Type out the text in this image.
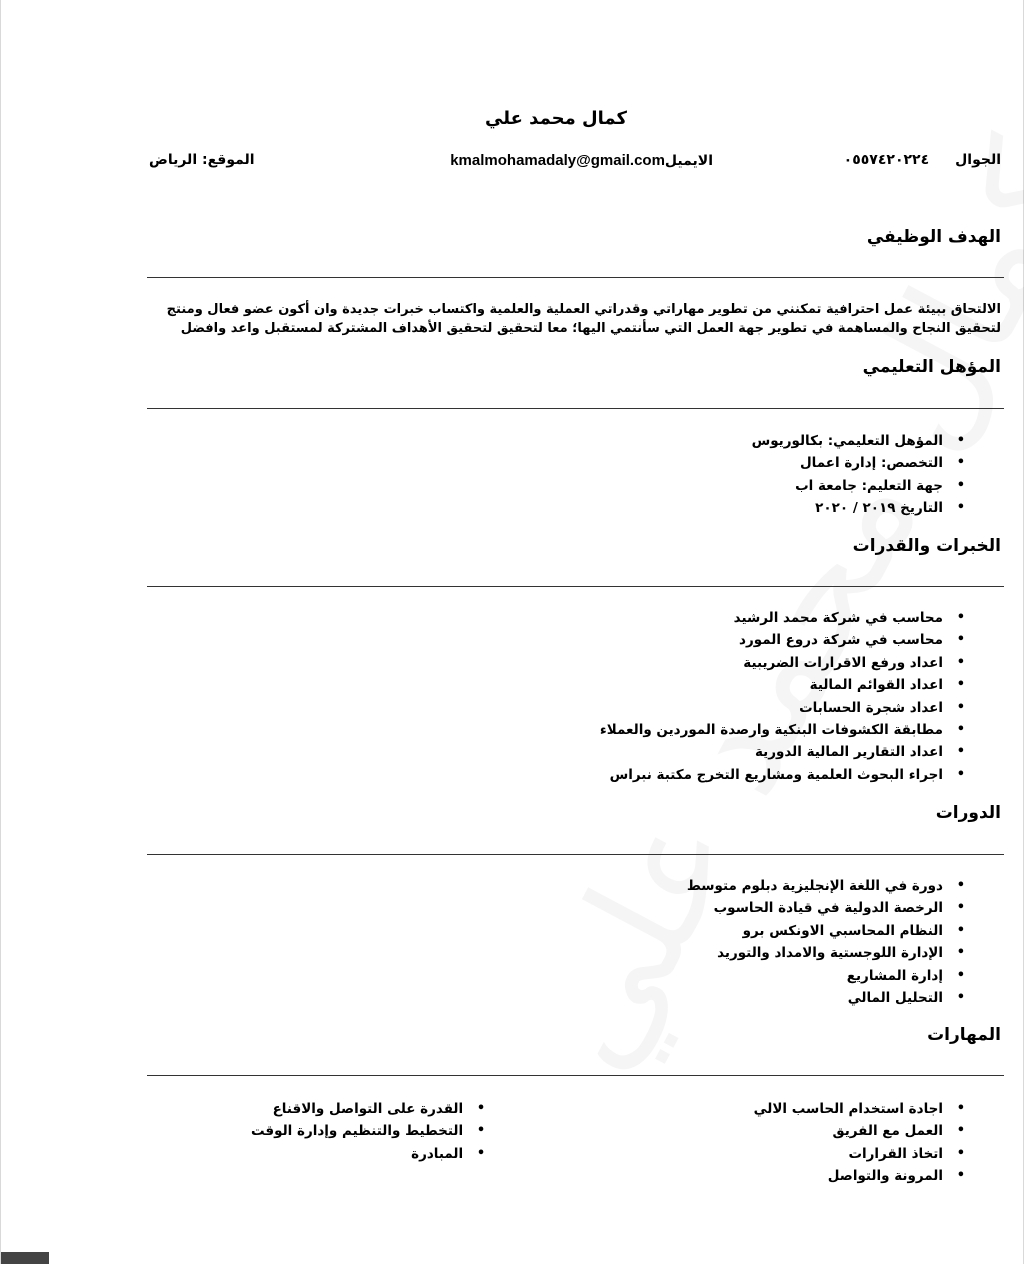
كمال محمد علي
الجوال٠٥٥٧٤٢٠٢٢٤
الايميلkmalmohamadaly@gmail.com
الموقع: الرياض
الهدف الوظيفي
الالتحاق ببيئة عمل احترافية تمكنني من تطوير مهاراتي وقدراتي العملية والعلمية واكتساب خبرات جديدة وان أكون عضو فعال ومنتج لتحقيق النجاح والمساهمة في تطوير جهة العمل التي سأنتمي اليها؛ معا لتحقيق لتحقيق الأهداف المشتركة لمستقبل واعد وافضل
المؤهل التعليمي
• المؤهل التعليمي: بكالوريوس
• التخصص: إدارة اعمال
• جهة التعليم: جامعة اب
• التاريخ ٢٠١٩ / ٢٠٢٠
الخبرات والقدرات
• محاسب في شركة محمد الرشيد
• محاسب في شركة دروع المورد
• اعداد ورفع الاقرارات الضريبية
• اعداد القوائم المالية
• اعداد شجرة الحسابات
• مطابقة الكشوفات البنكية وارصدة الموردين والعملاء
• اعداد التقارير المالية الدورية
• اجراء البحوث العلمية ومشاريع التخرج مكتبة نبراس
الدورات
• دورة في اللغة الإنجليزية دبلوم متوسط
• الرخصة الدولية في قيادة الحاسوب
• النظام المحاسبي الاونكس برو
• الإدارة اللوجستية والامداد والتوريد
• إدارة المشاريع
• التحليل المالي
المهارات
• اجادة استخدام الحاسب الالي
• العمل مع الفريق
• اتخاذ القرارات
• المرونة والتواصل
• القدرة على التواصل والاقناع
• التخطيط والتنظيم وإدارة الوقت
• المبادرة
